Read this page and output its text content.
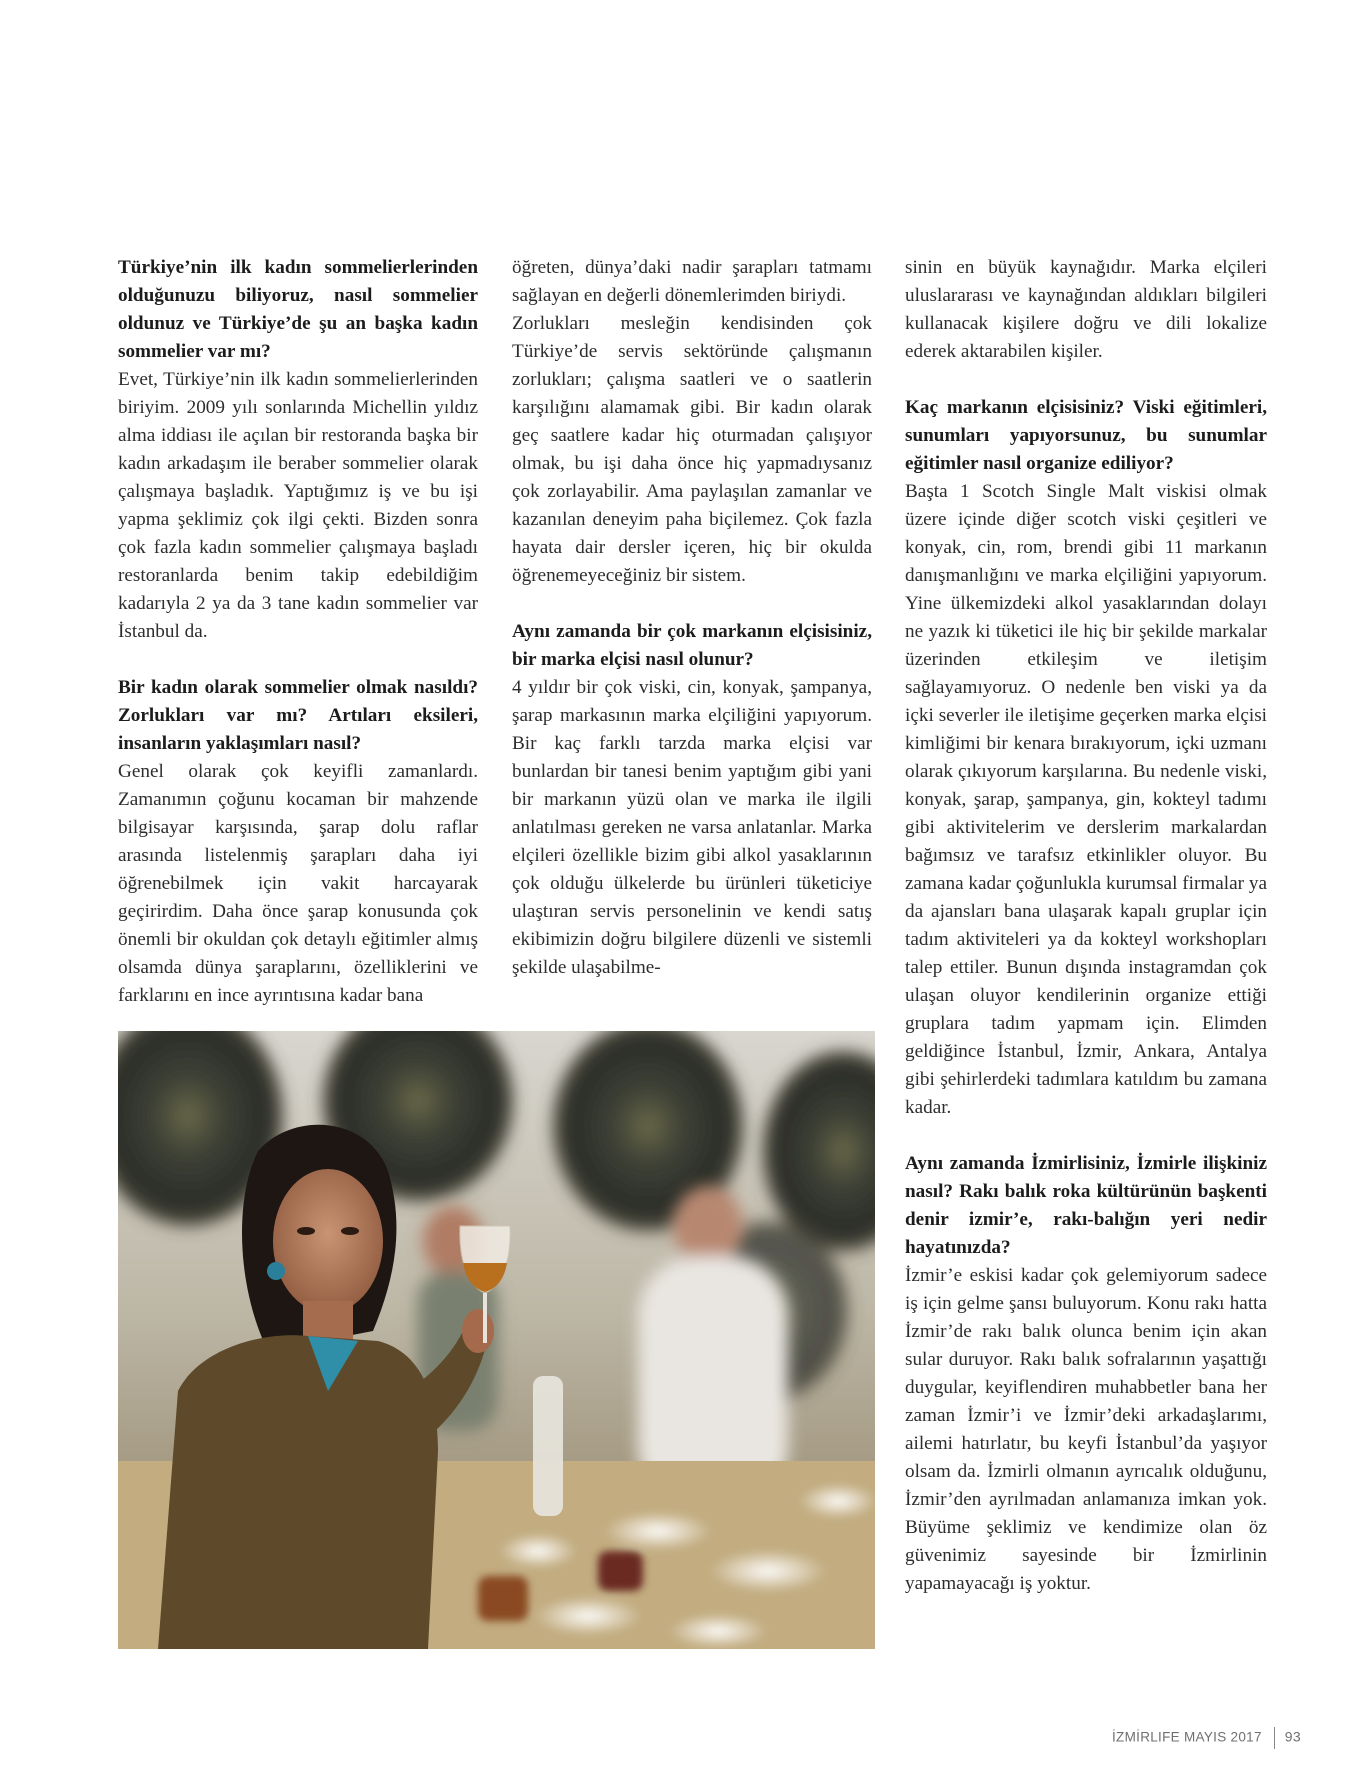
Türkiye’nin ilk kadın sommelierlerinden olduğunuzu biliyoruz, nasıl sommelier oldunuz ve Türkiye’de şu an başka kadın sommelier var mı?

Evet, Türkiye’nin ilk kadın sommelierlerinden biriyim. 2009 yılı sonlarında Michellin yıldız alma iddiası ile açılan bir restoranda başka bir kadın arkadaşım ile beraber sommelier olarak çalışmaya başladık. Yaptığımız iş ve bu işi yapma şeklimiz çok ilgi çekti. Bizden sonra çok fazla kadın sommelier çalışmaya başladı restoranlarda benim takip edebildiğim kadarıyla 2 ya da 3 tane kadın sommelier var İstanbul da.

Bir kadın olarak sommelier olmak nasıldı? Zorlukları var mı? Artıları eksileri, insanların yaklaşımları nasıl?

Genel olarak çok keyifli zamanlardı. Zamanımın çoğunu kocaman bir mahzende bilgisayar karşısında, şarap dolu raflar arasında listelenmiş şarapları daha iyi öğrenebilmek için vakit harcayarak geçirirdim. Daha önce şarap konusunda çok önemli bir okuldan çok detaylı eğitimler almış olsamda dünya şaraplarını, özelliklerini ve farklarını en ince ayrıntısına kadar bana

öğreten, dünya’daki nadir şarapları tatmamı sağlayan en değerli dönemlerimden biriydi.

Zorlukları mesleğin kendisinden çok Türkiye’de servis sektöründe çalışmanın zorlukları; çalışma saatleri ve o saatlerin karşılığını alamamak gibi. Bir kadın olarak geç saatlere kadar hiç oturmadan çalışıyor olmak, bu işi daha önce hiç yapmadıysanız çok zorlayabilir. Ama paylaşılan zamanlar ve kazanılan deneyim paha biçilemez. Çok fazla hayata dair dersler içeren, hiç bir okulda öğrenemeyeceğiniz bir sistem.

Aynı zamanda bir çok markanın elçisisiniz, bir marka elçisi nasıl olunur?

4 yıldır bir çok viski, cin, konyak, şampanya, şarap markasının marka elçiliğini yapıyorum. Bir kaç farklı tarzda marka elçisi var bunlardan bir tanesi benim yaptığım gibi yani bir markanın yüzü olan ve marka ile ilgili anlatılması gereken ne varsa anlatanlar. Marka elçileri özellikle bizim gibi alkol yasaklarının çok olduğu ülkelerde bu ürünleri tüketiciye ulaştıran servis personelinin ve kendi satış ekibimizin doğru bilgilere düzenli ve sistemli şekilde ulaşabilme-

sinin en büyük kaynağıdır. Marka elçileri uluslararası ve kaynağından aldıkları bilgileri kullanacak kişilere doğru ve dili lokalize ederek aktarabilen kişiler.

Kaç markanın elçisisiniz? Viski eğitimleri, sunumları yapıyorsunuz, bu sunumlar eğitimler nasıl organize ediliyor?

Başta 1 Scotch Single Malt viskisi olmak üzere içinde diğer scotch viski çeşitleri ve konyak, cin, rom, brendi gibi 11 markanın danışmanlığını ve marka elçiliğini yapıyorum. Yine ülkemizdeki alkol yasaklarından dolayı ne yazık ki tüketici ile hiç bir şekilde markalar üzerinden etkileşim ve iletişim sağlayamıyoruz. O nedenle ben viski ya da içki severler ile iletişime geçerken marka elçisi kimliğimi bir kenara bırakıyorum, içki uzmanı olarak çıkıyorum karşılarına. Bu nedenle viski, konyak, şarap, şampanya, gin, kokteyl tadımı gibi aktivitelerim ve derslerim markalardan bağımsız ve tarafsız etkinlikler oluyor. Bu zamana kadar çoğunlukla kurumsal firmalar ya da ajansları bana ulaşarak kapalı gruplar için tadım aktiviteleri ya da kokteyl workshopları talep ettiler. Bunun dışında instagramdan çok ulaşan oluyor kendilerinin organize ettiği gruplara tadım yapmam için. Elimden geldiğince İstanbul, İzmir, Ankara, Antalya gibi şehirlerdeki tadımlara katıldım bu zamana kadar.

Aynı zamanda İzmirlisiniz, İzmirle ilişkiniz nasıl? Rakı balık roka kültürünün başkenti denir izmir’e, rakı-balığın yeri nedir hayatınızda?

İzmir’e eskisi kadar çok gelemiyorum sadece iş için gelme şansı buluyorum. Konu rakı hatta İzmir’de rakı balık olunca benim için akan sular duruyor. Rakı balık sofralarının yaşattığı duygular, keyiflendiren muhabbetler bana her zaman İzmir’i ve İzmir’deki arkadaşlarımı, ailemi hatırlatır, bu keyfi İstanbul’da yaşıyor olsam da. İzmirli olmanın ayrıcalık olduğunu, İzmir’den ayrılmadan anlamanıza imkan yok. Büyüme şeklimiz ve kendimize olan öz güvenimiz sayesinde bir İzmirlinin yapamayacağı iş yoktur.

İZMİRLIFE MAYIS 2017 93
